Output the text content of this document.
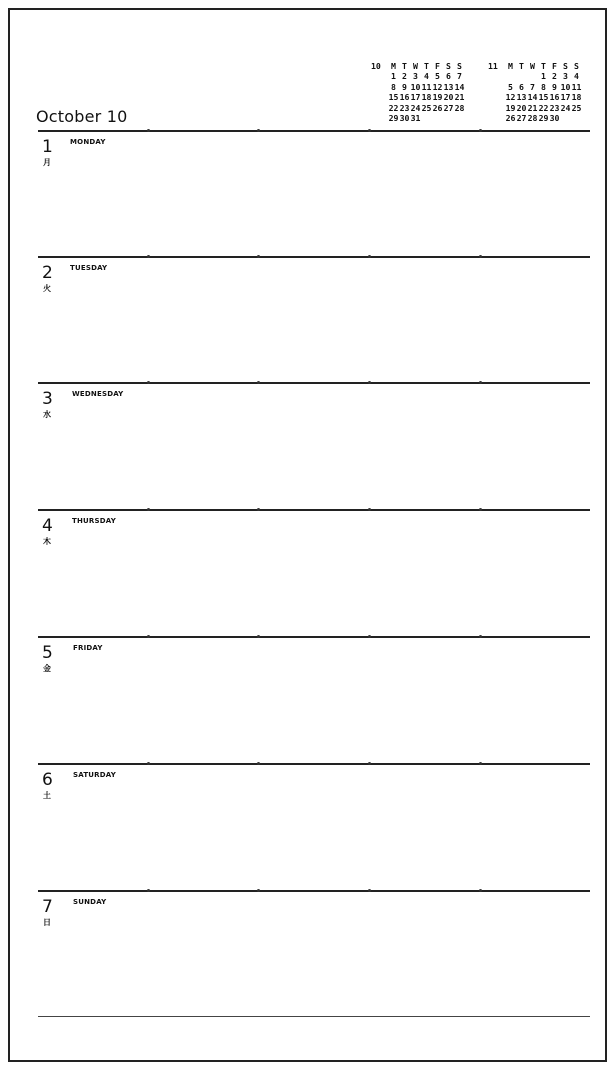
October 10
10	M T W T F S S
1 2 3 4 5 6 7
8 9 10 11 12 13 14
15 16 17 18 19 20 21
22 23 24 25 26 27 28
29 30 31
11	M T W T F S S
1 2 3 4
5 6 7 8 9 10 11
12 13 14 15 16 17 18
19 20 21 22 23 24 25
26 27 28 29 30
1
月
MONDAY
2
火
TUESDAY
3
水
WEDNESDAY
4
木
THURSDAY
5
金
FRIDAY
6
土
SATURDAY
7
日
SUNDAY
